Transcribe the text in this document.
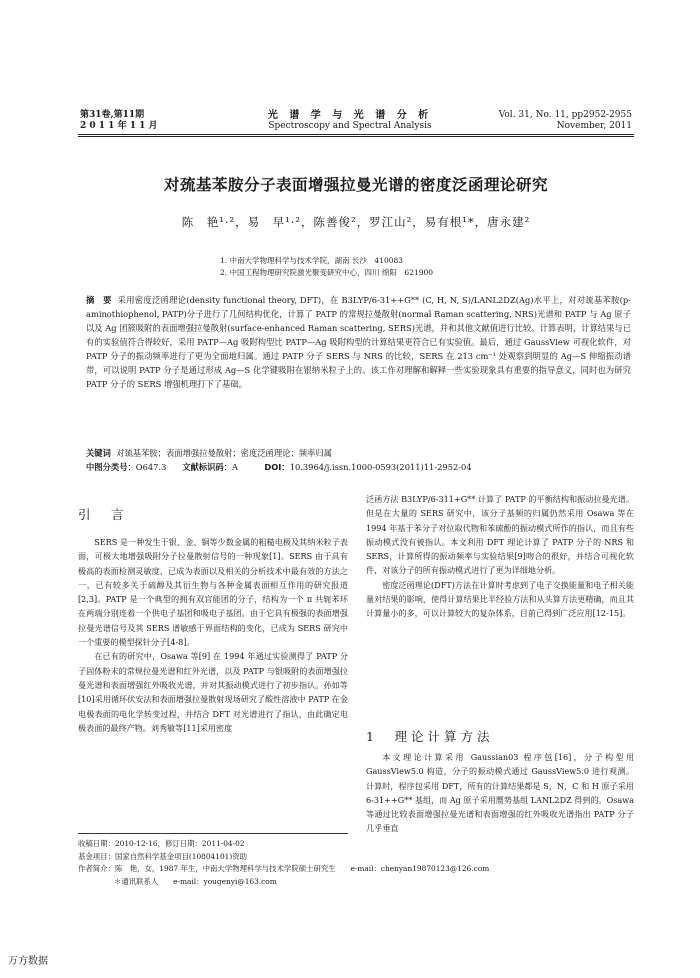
第31卷,第11期
2 0 1 1 年 1 1 月
光 谱 学 与 光 谱 分 析
Spectroscopy and Spectral Analysis
Vol. 31, No. 11, pp2952-2955
November, 2011
对巯基苯胺分子表面增强拉曼光谱的密度泛函理论研究
陈　艳¹·²，易　早¹·²，陈善俊²，罗江山²，易有根¹*，唐永建²
1. 中南大学物理科学与技术学院，湖南 长沙　410083
2. 中国工程物理研究院激光聚变研究中心，四川 绵阳　621900
摘　要 采用密度泛函理论(density functional theory, DFT)，在 B3LYP/6-31++G** (C, H, N, S)/LANL2DZ(Ag)水平上，对对巯基苯胺(p-aminothiophenol, PATP)分子进行了几何结构优化，计算了 PATP 的常规拉曼散射(normal Raman scattering, NRS)光谱和 PATP 与 Ag 原子以及 Ag 团簇吸附的表面增强拉曼散射(surface-enhanced Raman scattering, SERS)光谱，并和其他文献值进行比较。计算表明，计算结果与已有的实验值符合得较好，采用 PATP—Ag 吸附构型比 PATP—Ag 吸附构型的计算结果更符合已有实验值。最后，通过 GaussView 可视化软件，对 PATP 分子的振动频率进行了更为全面地归属。通过 PATP 分子 SERS 与 NRS 的比较，SERS 在 213 cm⁻¹ 处观察到明显的 Ag—S 伸缩振动谱带，可以说明 PATP 分子是通过形成 Ag—S 化学键吸附在银纳米粒子上的。该工作对理解和解释一些实验现象具有重要的指导意义，同时也为研究 PATP 分子的 SERS 增强机理打下了基础。
关键词 对巯基苯胺；表面增强拉曼散射；密度泛函理论；频率归属
中图分类号：O647.3 文献标识码：A	DOI：10.3964/j.issn.1000-0593(2011)11-2952-04
引　言

SERS 是一种发生于银、金、铜等少数金属的粗糙电极及其纳米粒子表面，可极大地增强吸附分子拉曼散射信号的一种现象[1]。SERS 由于具有极高的表面检测灵敏度，已成为表面以及相关的分析技术中最有效的方法之一，已有较多关于硫醇及其衍生物与各种金属表面相互作用的研究报道[2,3]。PATP 是一个典型的拥有双官能团的分子，结构为一个 π 共轭苯环在两端分别连着一个供电子基团和吸电子基团。由于它具有极强的表面增强拉曼光谱信号及其 SERS 谱敏感于界面结构的变化，已成为 SERS 研究中一个重要的模型探针分子[4-8]。

在已有的研究中，Osawa 等[9] 在 1994 年通过实验测得了 PATP 分子固体粉末的常规拉曼光谱和红外光谱，以及 PATP 与银吸附的表面增强拉曼光谱和表面增强红外吸收光谱，并对其振动模式进行了初步指认。孙如等[10]采用循环伏安法和表面增强拉曼散射现场研究了酸性溶液中 PATP 在金电极表面的电化学转变过程，并结合 DFT 对光谱进行了指认，由此确定电极表面的最终产物。刘秀敏等[11]采用密度

泛函方法 B3LYP/6-311+G** 计算了 PATP 的平衡结构和振动拉曼光谱。但是在大量的 SERS 研究中，该分子基频的归属仍然采用 Osawa 等在 1994 年基于苯分子对位取代物和苯硫酚的振动模式所作的指认，而且有些振动模式没有被指认。本文利用 DFT 理论计算了 PATP 分子的 NRS 和 SERS，计算所得的振动频率与实验结果[9]吻合的很好，并结合可视化软件，对该分子的所有振动模式进行了更为详细地分析。

密度泛函理论(DFT)方法在计算时考虑到了电子交换能量和电子相关能量对结果的影响，使得计算结果比半经验方法和从头算方法更精确，而且其计算量小的多，可以计算较大的复杂体系，目前已得到广泛应用[12-15]。

1　理论计算方法

本文理论计算采用 Gaussian03 程序包[16]，分子构型用 GaussView5.0 构造，分子的振动模式通过 GaussView5.0 进行观测。计算时，程序包采用 DFT，所有的计算结果都是 S，N，C 和 H 原子采用 6-31++G** 基组，而 Ag 原子采用赝势基组 LANL2DZ 得到的。Osawa 等通过比较表面增强拉曼光谱和表面增强的红外吸收光谱指出 PATP 分子几乎垂直

收稿日期：2010-12-16，修订日期：2011-04-02
基金项目：国家自然科学基金项目(10804101)资助
作者简介：陈　艳，女，1987 年生，中南大学物理科学与技术学院硕士研究生　　e-mail：chenyan19870123@126.com
＊通讯联系人　　e-mail：yougenyi@163.com
万方数据
